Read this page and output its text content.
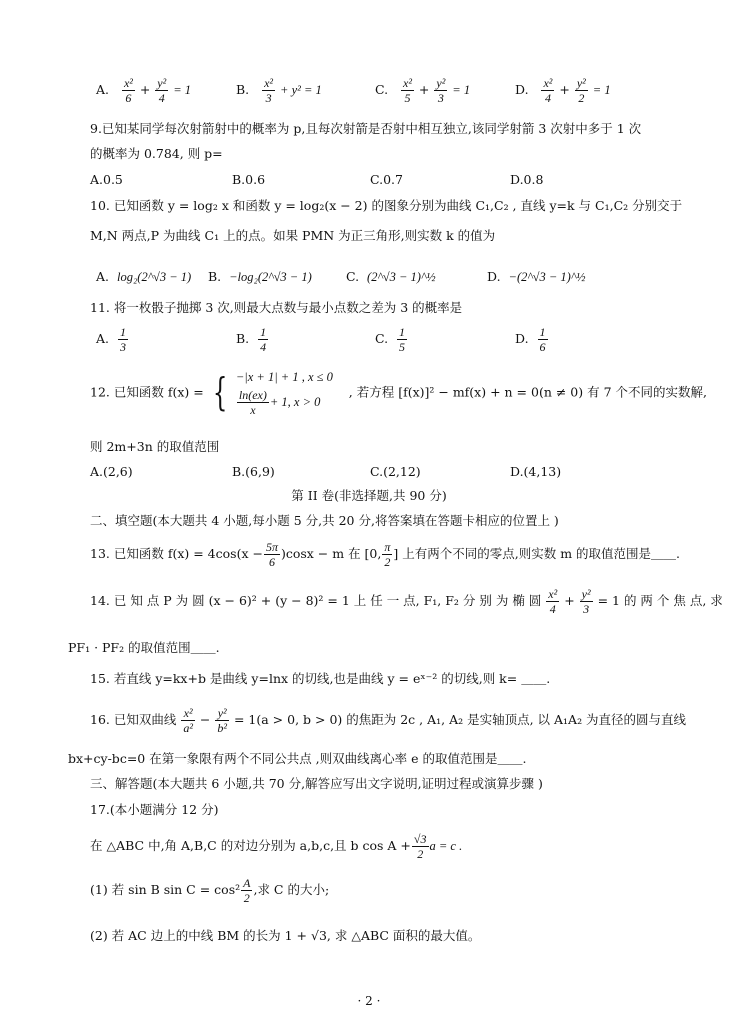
A. $\frac{\text{x²}}{6} + \frac{\text{y²}}{4} = 1$	B. $\frac{\text{x²}}{3} + y^2 = 1$	C. $\frac{\text{x²}}{5} + \frac{\text{y²}}{3} = 1$	D. $\frac{\text{x²}}{4} + \frac{\text{y²}}{2} = 1$
9.已知某同学每次射箭射中的概率为 p,且每次射箭是否射中相互独立,该同学射箭 3 次射中多于 1 次
的概率为 0.784, 则 p=
A.0.5	B.0.6	C.0.7	D.0.8
10. 已知函数 y = log₂ x 和函数 y = log₂(x − 2) 的图象分别为曲线 C₁,C₂ , 直线 y=k 与 C₁,C₂ 分别交于
M,N 两点,P 为曲线 C₁ 上的点。如果 PMN 为正三角形,则实数 k 的值为
A. log₂(2^√3 − 1) B. −log₂(2^√3 − 1)	C. (2^√3 − 1)^½	D. −(2^√3 − 1)^½
11. 将一枚骰子抛掷 3 次,则最大点数与最小点数之差为 3 的概率是
A. $\frac{1}{3}$	B. $\frac{1}{4}$	C. $\frac{1}{5}$	D. $\frac{1}{6}$
12. 已知函数 f(x) = { −|x + 1| + 1 , x ≤ 0
$\frac{\ln(ex)}{x} + 1$, x > 0
, 若方程 [f(x)]² − mf(x) + n = 0(n ≠ 0) 有 7 个不同的实数解,
则 2m+3n 的取值范围
A.(2,6)	B.(6,9)	C.(2,12)	D.(4,13)
第 II 卷(非选择题,共 90 分)
二、填空题(本大题共 4 小题,每小题 5 分,共 20 分,将答案填在答题卡相应的位置上 )
13. 已知函数 $f(x) = 4\cos(x - \frac{5\pi}{6} )\cos x - m$ 在 [0, $\frac{\pi}{2}$ ] 上有两个不同的零点,则实数 m 的取值范围是＿＿.
14. 已 知 点 P 为 圆 (x − 6)² + (y − 8)² = 1 上 任 一 点, F₁, F₂ 分 别 为 椭 圆 $\frac{\text{x²}}{4} + \frac{\text{y²}}{3} = 1$ 的 两 个 焦 点, 求
PF₁ · PF₂ 的取值范围＿＿.
15. 若直线 y=kx+b 是曲线 y=lnx 的切线,也是曲线 y = eˣ⁻² 的切线,则 k= ＿＿.
16. 已知双曲线 $\frac{\text{x²}}{\text{a²}} - \frac{\text{y²}}{\text{b²}} = 1(a > 0$, b > 0) 的焦距为 2c , A₁, A₂ 是实轴顶点, 以 A₁A₂ 为直径的圆与直线
bx+cy-bc=0 在第一象限有两个不同公共点 ,则双曲线离心率 e 的取值范围是＿＿.
三、解答题(本大题共 6 小题,共 70 分,解答应写出文字说明,证明过程或演算步骤 )
17.(本小题满分 12 分)
在 △ABC 中,角 A,B,C 的对边分别为 a,b,c,且 b $\cos A + \frac{√3}{2}$ a = c .
(1) 若 sin B $\sin C = \cos^2 \frac{A}{2}$ ,求 C 的大小;
(2) 若 AC 边上的中线 BM 的长为 1 + √3, 求 △ABC 面积的最大值。
· 2 ·
